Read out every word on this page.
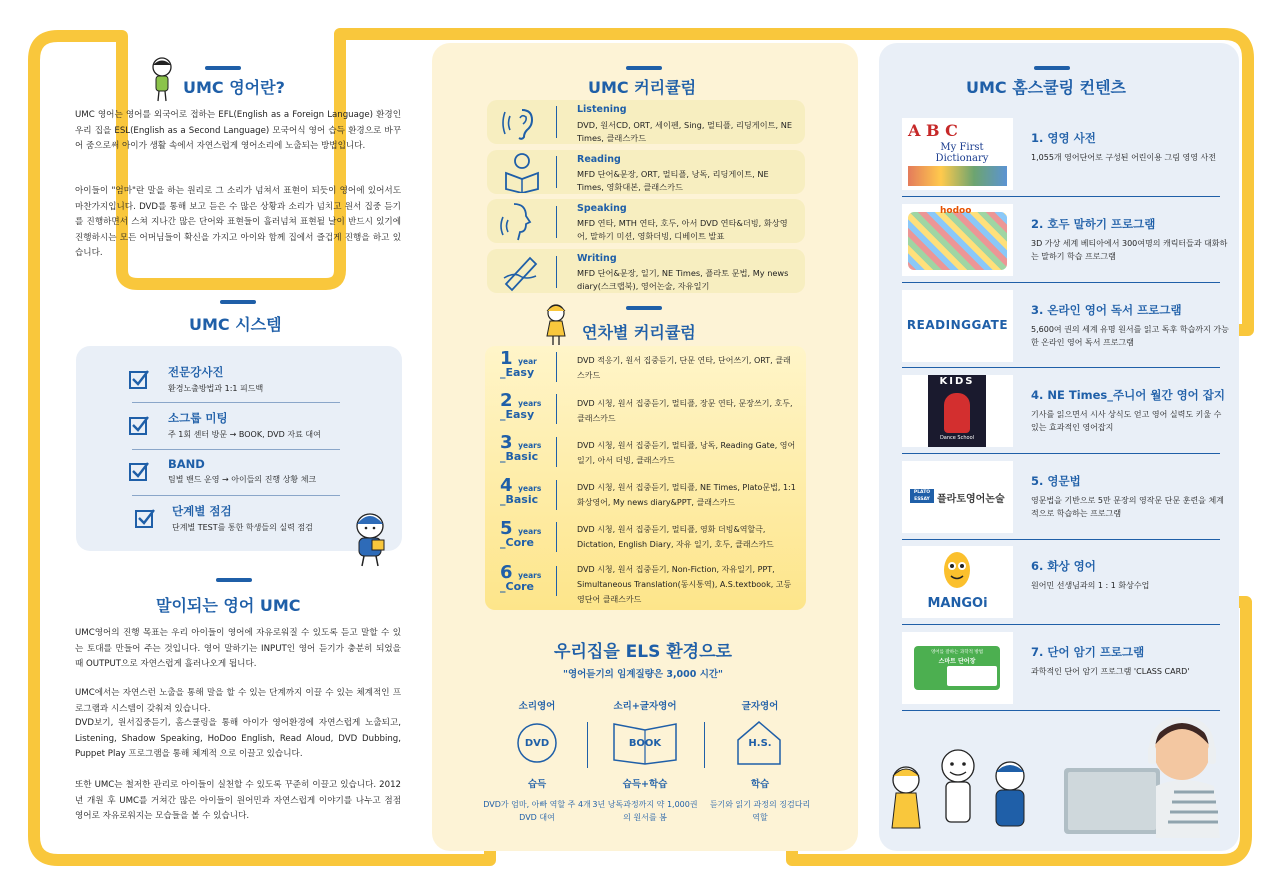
UMC 영어란?
UMC 영어는 영어를 외국어로 접하는 EFL(English as a Foreign Language) 환경인 우리 집을 ESL(English as a Second Language) 모국어식 영어 습득 환경으로 바꾸어 줌으로써 아이가 생활 속에서 자연스럽게 영어소리에 노출되는 방법입니다.
아이들이 "엄마"란 말을 하는 원리로 그 소리가 넘쳐서 표현이 되듯이 영어에 있어서도 마찬가지입니다. DVD를 통해 보고 듣은 수 많은 상황과 소리가 넘치고 원서 집중 듣기를 진행하면서 스쳐 지나간 많은 단어와 표현들이 흘러넘쳐 표현될 날이 반드시 있기에 진행하시는 모든 어머님들이 확신을 가지고 아이와 함께 집에서 즐겁게 진행을 하고 있습니다.
UMC 시스템
전문강사진
환경노출방법과 1:1 피드백
소그룹 미팅
주 1회 센터 방문 → BOOK, DVD 자료 대여
BAND
팀별 밴드 운영 → 아이들의 진행 상황 체크
단계별 점검
단계별 TEST를 통한 학생들의 실력 점검
말이되는 영어 UMC
UMC영어의 진행 목표는 우리 아이들이 영어에 자유로워질 수 있도록 듣고 말할 수 있는 토대를 만들어 주는 것입니다. 영어 말하기는 INPUT인 영어 듣기가 충분히 되었을 때 OUTPUT으로 자연스럽게 흘러나오게 됩니다.
UMC에서는 자연스런 노출을 통해 말을 할 수 있는 단계까지 이끌 수 있는 체계적인 프로그램과 시스템이 갖춰져 있습니다.
DVD보기, 원서집중듣기, 홈스쿨링을 통해 아이가 영어환경에 자연스럽게 노출되고, Listening, Shadow Speaking, HoDoo English, Read Aloud, DVD Dubbing, Puppet Play 프로그램을 통해 체계적 으로 이끌고 있습니다.
또한 UMC는 철저한 관리로 아이들이 실천할 수 있도록 꾸준히 이끌고 있습니다. 2012년 개원 후 UMC를 거쳐간 많은 아이들이 원어민과 자연스럽게 이야기를 나누고 점점 영어로 자유로워지는 모습들을 볼 수 있습니다.
UMC 커리큘럼
Listening
DVD, 원서CD, ORT, 세이펜, Sing, 멀티플, 리딩게이트, NE Times, 클래스카드
Reading
MFD 단어&문장, ORT, 멀티플, 낭독, 리딩게이트, NE Times, 영화대본, 클래스카드
Speaking
MFD 연타, MTH 연타, 호두, 아서 DVD 연타&더빙, 화상영어, 말하기 미션, 영화더빙, 디베이트 발표
Writing
MFD 단어&문장, 일기, NE Times, 플라토 문법, My news diary(스크랩북), 영어논술, 자유일기
연차별 커리큘럼
1 year
_Easy
DVD 적응기, 원서 집중듣기, 단문 연타, 단어쓰기, ORT, 클래스카드
2 years
_Easy
DVD 시청, 원서 집중듣기, 멀티플, 장문 연타, 문장쓰기, 호두, 클래스카드
3 years
_Basic
DVD 시청, 원서 집중듣기, 멀티플, 낭독, Reading Gate, 영어 일기, 아서 더빙, 클래스카드
4 years
_Basic
DVD 시청, 원서 집중듣기, 멀티플, NE Times, Plato문법, 1:1 화상영어, My news diary&PPT, 클래스카드
5 years
_Core
DVD 시청, 원서 집중듣기, 멀티플, 영화 더빙&역할극, Dictation, English Diary, 자유 일기, 호두, 클래스카드
6 years
_Core
DVD 시청, 원서 집중듣기, Non-Fiction, 자유일기, PPT, Simultaneous Translation(동시통역), A.S.textbook, 고등 영단어 클래스카드
우리집을 ELS 환경으로
"영어듣기의 임계질량은 3,000 시간"
소리영어	소리+글자영어	글자영어
DVD	BOOK	H.S.
습득	습득+학습	학습
DVD가 엄마, 아빠 역할 주 4개 DVD 대여
3년 낭독과정까지 약 1,000권의 원서를 봄
듣기와 읽기 과정의 징검다리 역할
UMC 홈스쿨링 컨텐츠
A B C
My First Dictionary
1. 영영 사전
1,055개 영어단어로 구성된 어린이용 그림 영영 사전
hodoo
2. 호두 말하기 프로그램
3D 가상 세계 베티아에서 300여명의 캐릭터들과 대화하는 말하기 학습 프로그램
READINGGATE
3. 온라인 영어 독서 프로그램
5,600여 권의 세계 유명 원서를 읽고 독후 학습까지 가능한 온라인 영어 독서 프로그램
KIDS
Dance School
4. NE Times_주니어 월간 영어 잡지
기사를 읽으면서 시사 상식도 얻고 영어 실력도 키울 수 있는 효과적인 영어잡지
PLATO ESSAY 플라토영어논술
5. 영문법
영문법을 기반으로 5만 문장의 영작문 단문 훈련을 체계적으로 학습하는 프로그램
MANGOi
6. 화상 영어
원어민 선생님과의 1 : 1 화상수업
영어를 잘하는 과학적 방법
스마트 단어장
7. 단어 암기 프로그램
과학적인 단어 암기 프로그램 'CLASS CARD'
